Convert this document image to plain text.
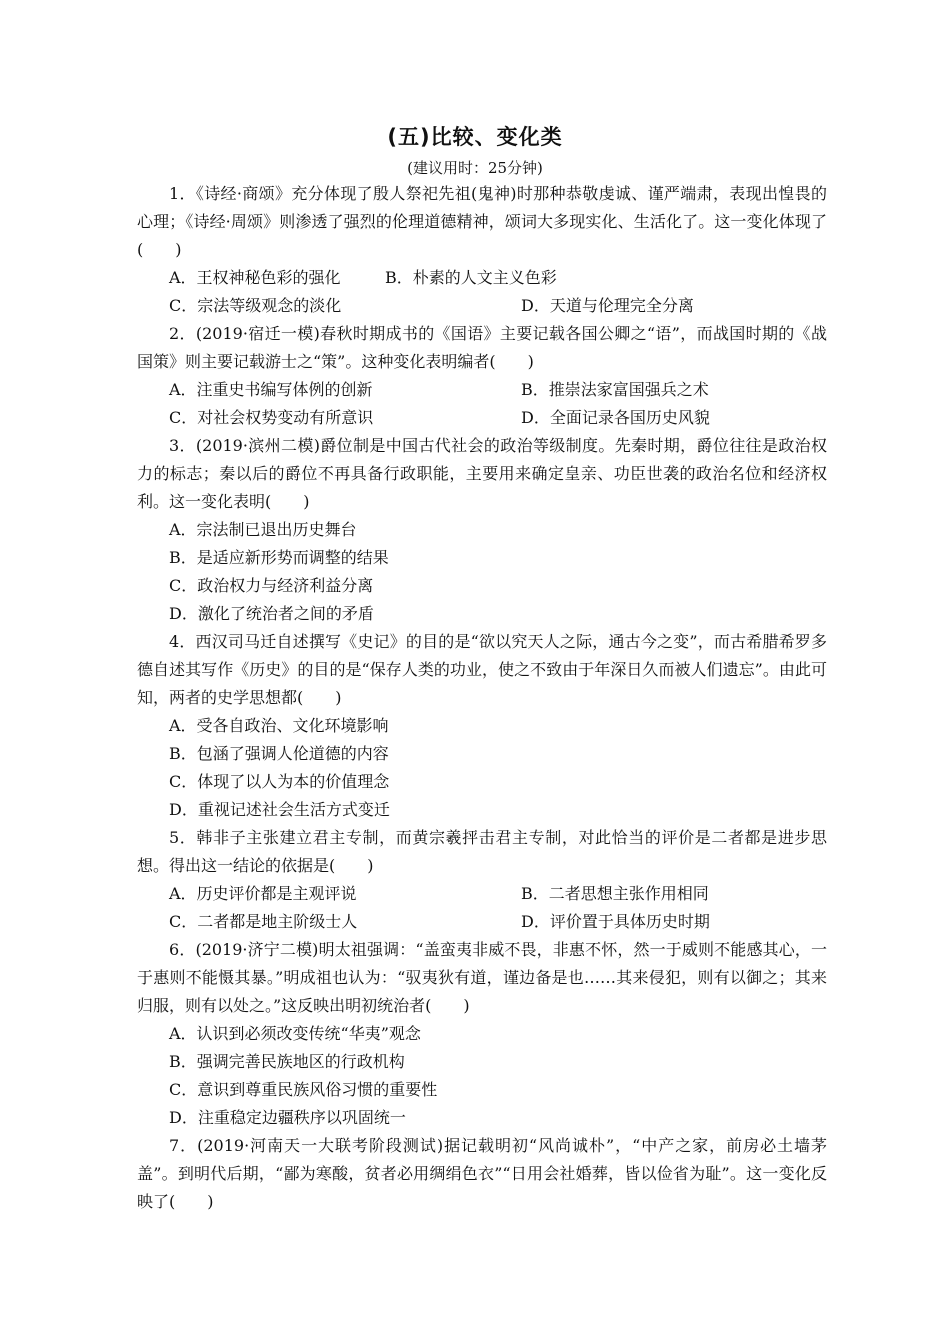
(五)比较、变化类
(建议用时：25分钟)

1．《诗经·商颂》充分体现了殷人祭祀先祖(鬼神)时那种恭敬虔诚、谨严端肃，表现出惶畏的心理；《诗经·周颂》则渗透了强烈的伦理道德精神，颂词大多现实化、生活化了。这一变化体现了(　　)

A．王权神秘色彩的强化	B．朴素的人文主义色彩
C．宗法等级观念的淡化	D．天道与伦理完全分离

2．(2019·宿迁一模)春秋时期成书的《国语》主要记载各国公卿之“语”，而战国时期的《战国策》则主要记载游士之“策”。这种变化表明编者(　　)

A．注重史书编写体例的创新	B．推崇法家富国强兵之术
C．对社会权势变动有所意识	D．全面记录各国历史风貌

3．(2019·滨州二模)爵位制是中国古代社会的政治等级制度。先秦时期，爵位往往是政治权力的标志；秦以后的爵位不再具备行政职能，主要用来确定皇亲、功臣世袭的政治名位和经济权利。这一变化表明(　　)

A．宗法制已退出历史舞台
B．是适应新形势而调整的结果
C．政治权力与经济利益分离
D．激化了统治者之间的矛盾

4．西汉司马迁自述撰写《史记》的目的是“欲以究天人之际，通古今之变”，而古希腊希罗多德自述其写作《历史》的目的是“保存人类的功业，使之不致由于年深日久而被人们遗忘”。由此可知，两者的史学思想都(　　)

A．受各自政治、文化环境影响
B．包涵了强调人伦道德的内容
C．体现了以人为本的价值理念
D．重视记述社会生活方式变迁

5．韩非子主张建立君主专制，而黄宗羲抨击君主专制，对此恰当的评价是二者都是进步思想。得出这一结论的依据是(　　)

A．历史评价都是主观评说	B．二者思想主张作用相同
C．二者都是地主阶级士人	D．评价置于具体历史时期

6．(2019·济宁二模)明太祖强调：“盖蛮夷非威不畏，非惠不怀，然一于威则不能感其心，一于惠则不能慑其暴。”明成祖也认为：“驭夷狄有道，谨边备是也……其来侵犯，则有以御之；其来归服，则有以处之。”这反映出明初统治者(　　)

A．认识到必须改变传统“华夷”观念
B．强调完善民族地区的行政机构
C．意识到尊重民族风俗习惯的重要性
D．注重稳定边疆秩序以巩固统一

7．(2019·河南天一大联考阶段测试)据记载明初“风尚诚朴”，“中产之家，前房必土墙茅盖”。到明代后期，“鄙为寒酸，贫者必用绸绢色衣”“日用会社婚葬，皆以俭省为耻”。这一变化反映了(　　)
